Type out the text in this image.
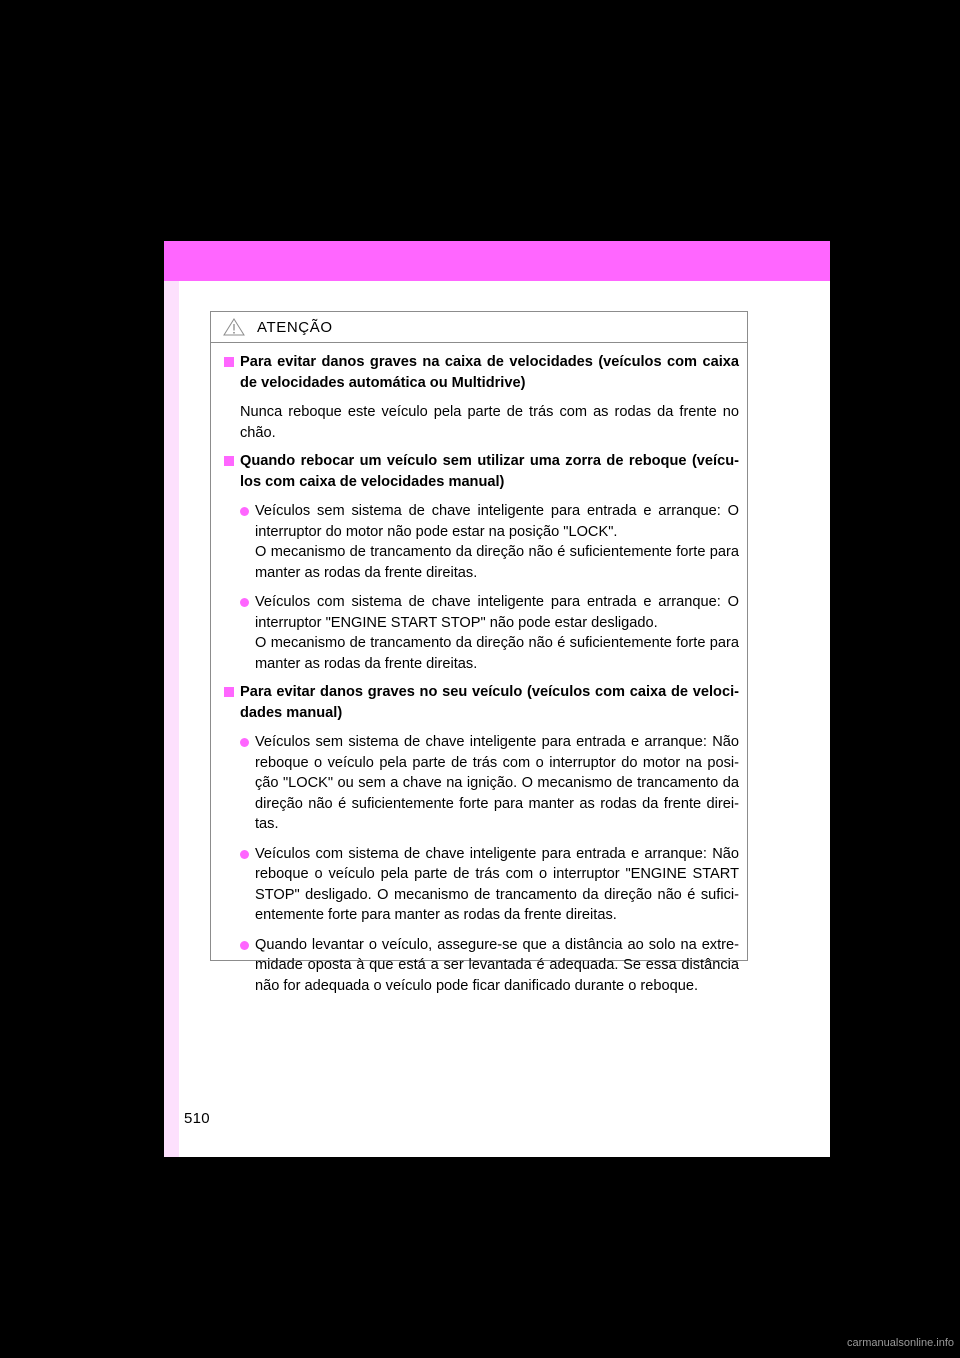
ATENÇÃO
Para evitar danos graves na caixa de velocidades (veículos com caixa de velocidades automática ou Multidrive)
Nunca reboque este veículo pela parte de trás com as rodas da frente no chão.
Quando rebocar um veículo sem utilizar uma zorra de reboque (veícu- los com caixa de velocidades manual)
Veículos sem sistema de chave inteligente para entrada e arranque: O interruptor do motor não pode estar na posição "LOCK".
O mecanismo de trancamento da direção não é suficientemente forte para manter as rodas da frente direitas.
Veículos com sistema de chave inteligente para entrada e arranque: O interruptor "ENGINE START STOP" não pode estar desligado.
O mecanismo de trancamento da direção não é suficientemente forte para manter as rodas da frente direitas.
Para evitar danos graves no seu veículo (veículos com caixa de veloci- dades manual)
Veículos sem sistema de chave inteligente para entrada e arranque: Não reboque o veículo pela parte de trás com o interruptor do motor na posi- ção "LOCK" ou sem a chave na ignição. O mecanismo de trancamento da direção não é suficientemente forte para manter as rodas da frente direi- tas.
Veículos com sistema de chave inteligente para entrada e arranque: Não reboque o veículo pela parte de trás com o interruptor "ENGINE START STOP" desligado. O mecanismo de trancamento da direção não é sufici- entemente forte para manter as rodas da frente direitas.
Quando levantar o veículo, assegure-se que a distância ao solo na extre- midade oposta à que está a ser levantada é adequada. Se essa distância não for adequada o veículo pode ficar danificado durante o reboque.
510
carmanualsonline.info
